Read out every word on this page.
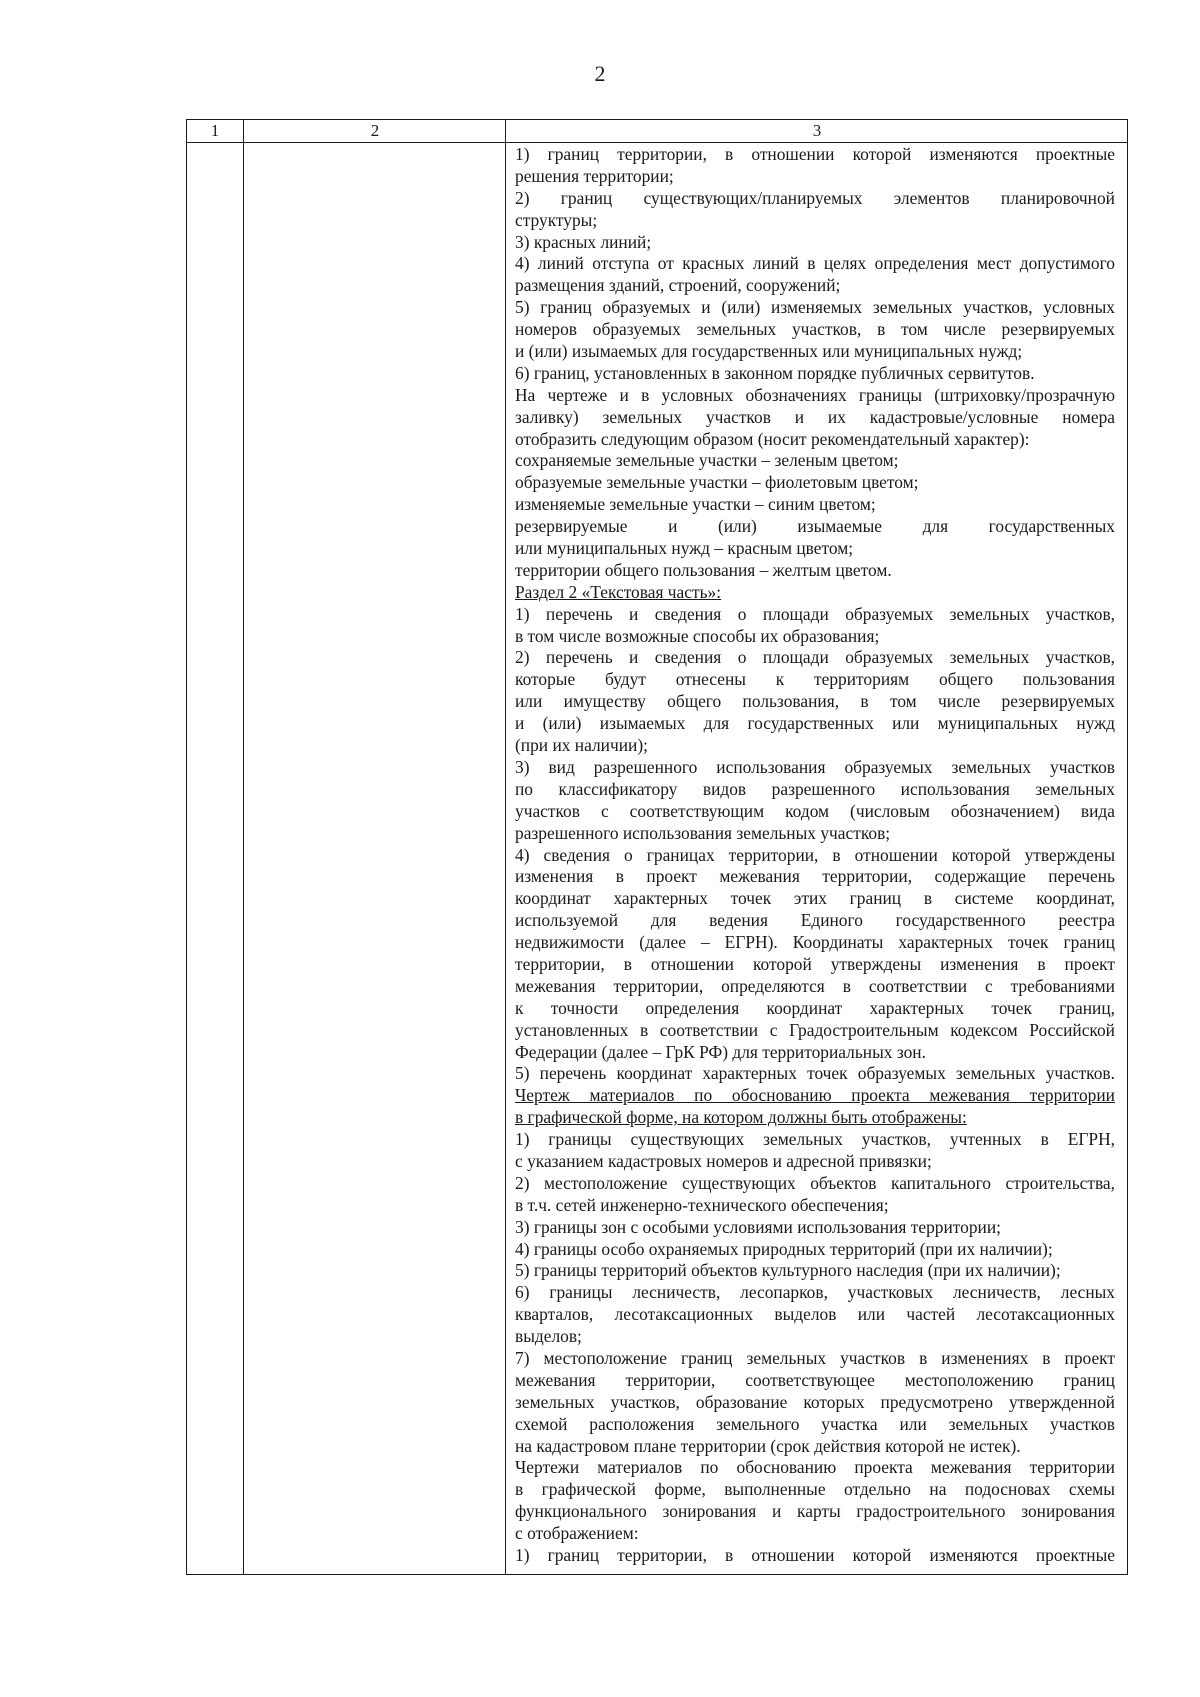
2
1	2	3
1) границ территории, в отношении которой изменяются проектные
решения территории;
2) границ существующих/планируемых элементов планировочной
структуры;
3) красных линий;
4) линий отступа от красных линий в целях определения мест допустимого
размещения зданий, строений, сооружений;
5) границ образуемых и (или) изменяемых земельных участков, условных
номеров образуемых земельных участков, в том числе резервируемых
и (или) изымаемых для государственных или муниципальных нужд;
6) границ, установленных в законном порядке публичных сервитутов.
На чертеже и в условных обозначениях границы (штриховку/прозрачную
заливку) земельных участков и их кадастровые/условные номера
отобразить следующим образом (носит рекомендательный характер):
сохраняемые земельные участки – зеленым цветом;
образуемые земельные участки – фиолетовым цветом;
изменяемые земельные участки – синим цветом;
резервируемые и (или) изымаемые для государственных
или муниципальных нужд – красным цветом;
территории общего пользования – желтым цветом.
Раздел 2 «Текстовая часть»:
1) перечень и сведения о площади образуемых земельных участков,
в том числе возможные способы их образования;
2) перечень и сведения о площади образуемых земельных участков,
которые будут отнесены к территориям общего пользования
или имуществу общего пользования, в том числе резервируемых
и (или) изымаемых для государственных или муниципальных нужд
(при их наличии);
3) вид разрешенного использования образуемых земельных участков
по классификатору видов разрешенного использования земельных
участков с соответствующим кодом (числовым обозначением) вида
разрешенного использования земельных участков;
4) сведения о границах территории, в отношении которой утверждены
изменения в проект межевания территории, содержащие перечень
координат характерных точек этих границ в системе координат,
используемой для ведения Единого государственного реестра
недвижимости (далее – ЕГРН). Координаты характерных точек границ
территории, в отношении которой утверждены изменения в проект
межевания территории, определяются в соответствии с требованиями
к точности определения координат характерных точек границ,
установленных в соответствии с Градостроительным кодексом Российской
Федерации (далее – ГрК РФ) для территориальных зон.
5) перечень координат характерных точек образуемых земельных участков.
Чертеж материалов по обоснованию проекта межевания территории
в графической форме, на котором должны быть отображены:
1) границы существующих земельных участков, учтенных в ЕГРН,
с указанием кадастровых номеров и адресной привязки;
2) местоположение существующих объектов капитального строительства,
в т.ч. сетей инженерно-технического обеспечения;
3) границы зон с особыми условиями использования территории;
4) границы особо охраняемых природных территорий (при их наличии);
5) границы территорий объектов культурного наследия (при их наличии);
6) границы лесничеств, лесопарков, участковых лесничеств, лесных
кварталов, лесотаксационных выделов или частей лесотаксационных
выделов;
7) местоположение границ земельных участков в изменениях в проект
межевания территории, соответствующее местоположению границ
земельных участков, образование которых предусмотрено утвержденной
схемой расположения земельного участка или земельных участков
на кадастровом плане территории (срок действия которой не истек).
Чертежи материалов по обоснованию проекта межевания территории
в графической форме, выполненные отдельно на подосновах схемы
функционального зонирования и карты градостроительного зонирования
с отображением:
1) границ территории, в отношении которой изменяются проектные
